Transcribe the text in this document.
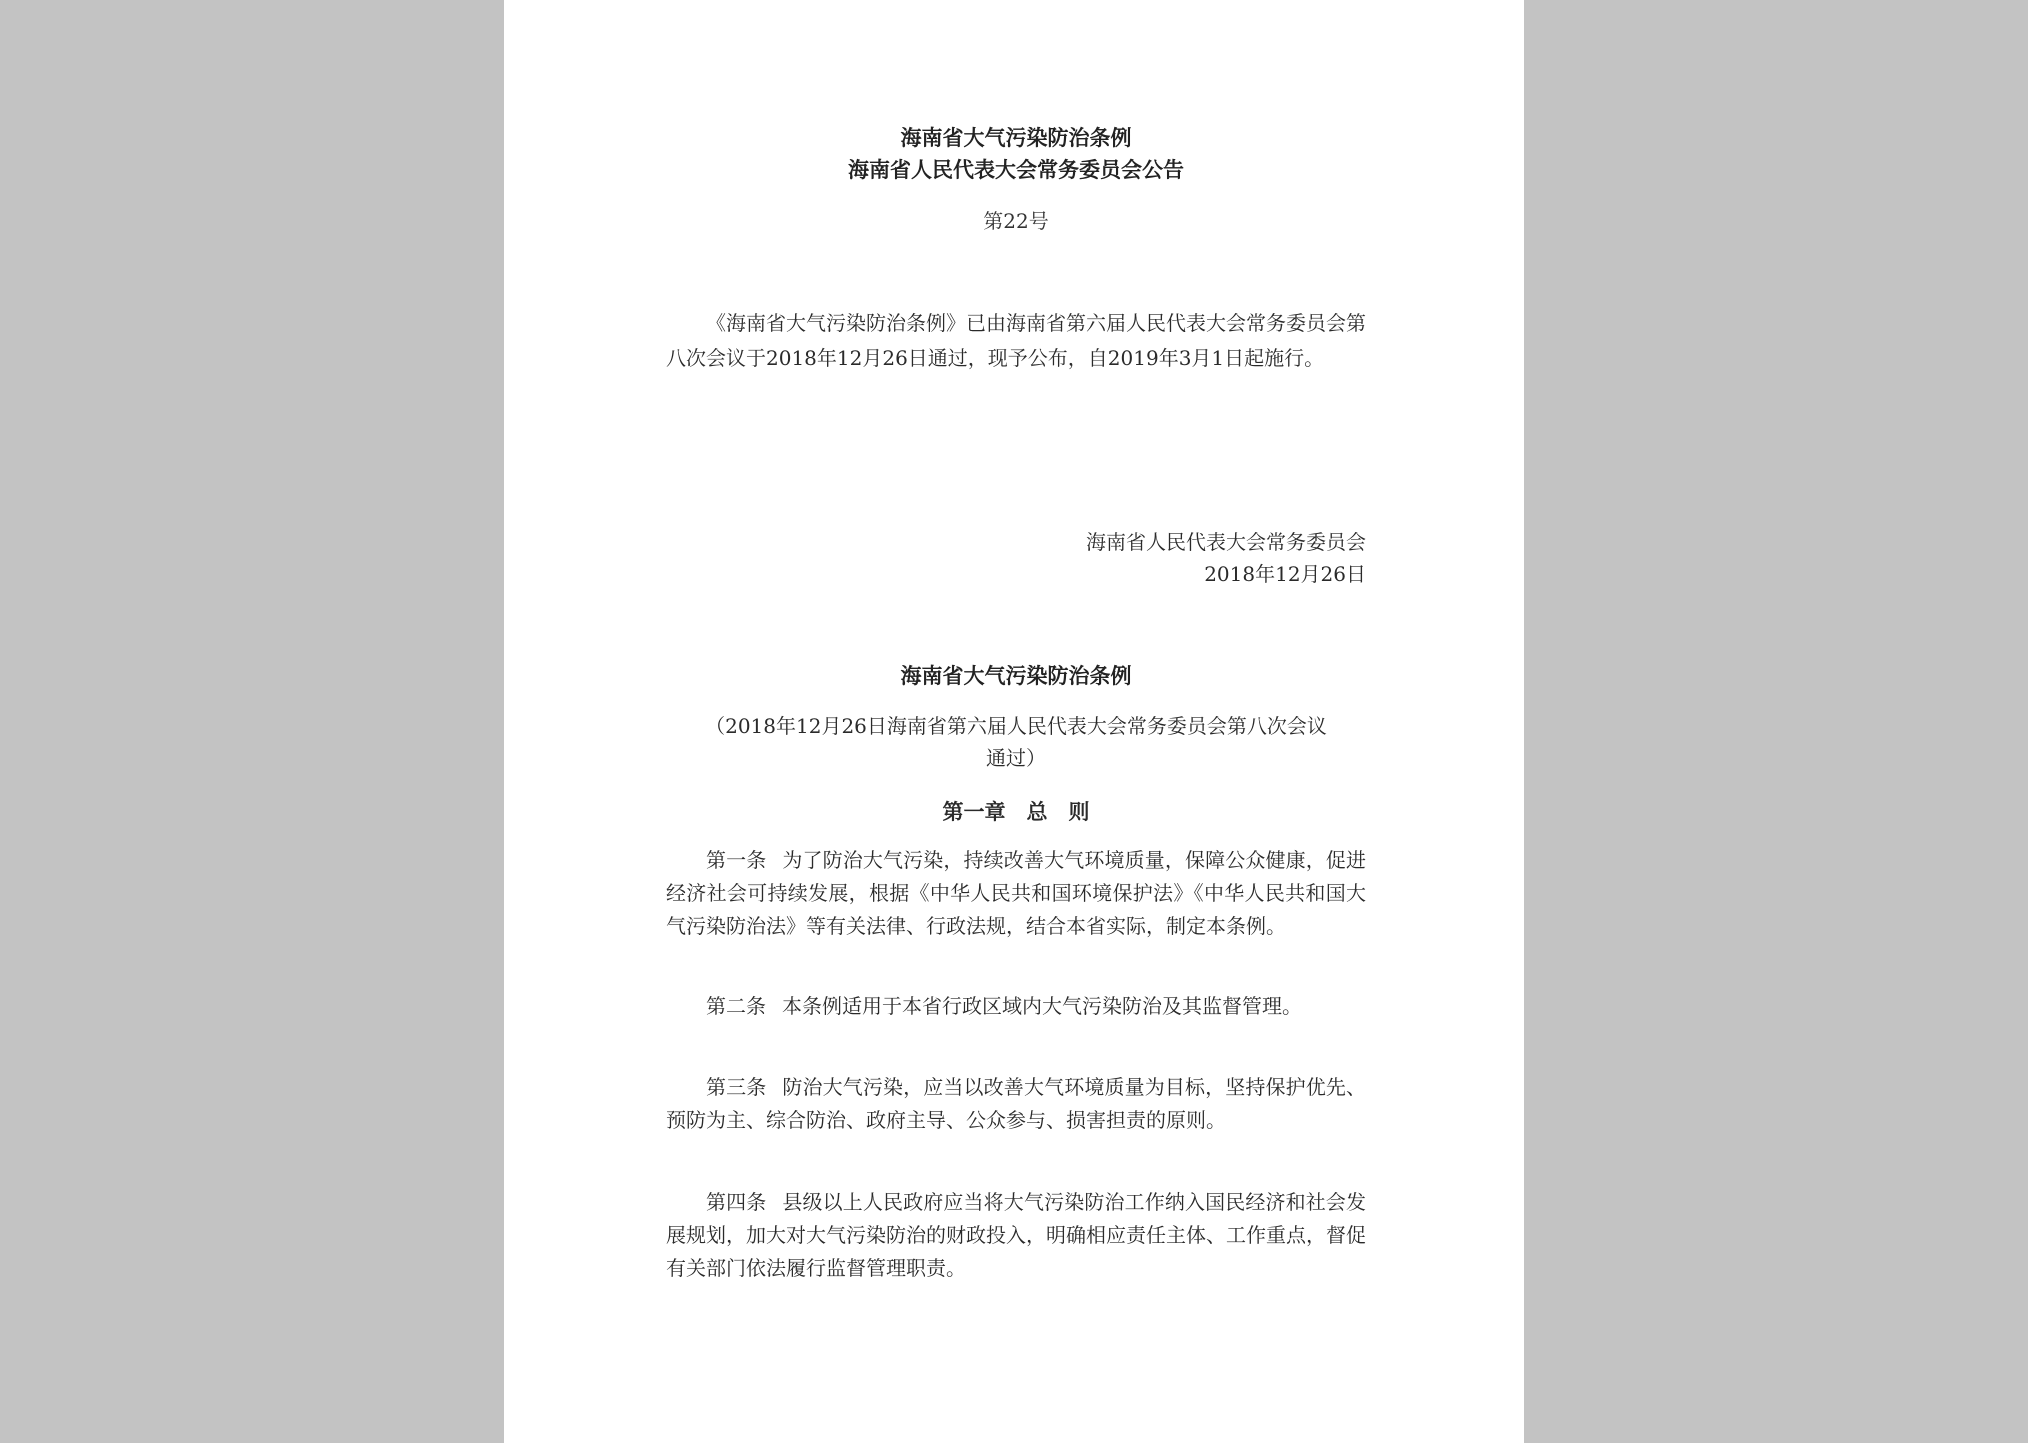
海南省大气污染防治条例
海南省人民代表大会常务委员会公告
第22号

《海南省大气污染防治条例》已由海南省第六届人民代表大会常务委员会第八次会议于2018年12月26日通过，现予公布，自2019年3月1日起施行。

海南省人民代表大会常务委员会
2018年12月26日
海南省大气污染防治条例

（2018年12月26日海南省第六届人民代表大会常务委员会第八次会议通过）

第一章　总　则

第一条 为了防治大气污染，持续改善大气环境质量，保障公众健康，促进经济社会可持续发展，根据《中华人民共和国环境保护法》《中华人民共和国大气污染防治法》等有关法律、行政法规，结合本省实际，制定本条例。

第二条 本条例适用于本省行政区域内大气污染防治及其监督管理。

第三条 防治大气污染，应当以改善大气环境质量为目标，坚持保护优先、预防为主、综合防治、政府主导、公众参与、损害担责的原则。

第四条 县级以上人民政府应当将大气污染防治工作纳入国民经济和社会发展规划，加大对大气污染防治的财政投入，明确相应责任主体、工作重点，督促有关部门依法履行监督管理职责。
